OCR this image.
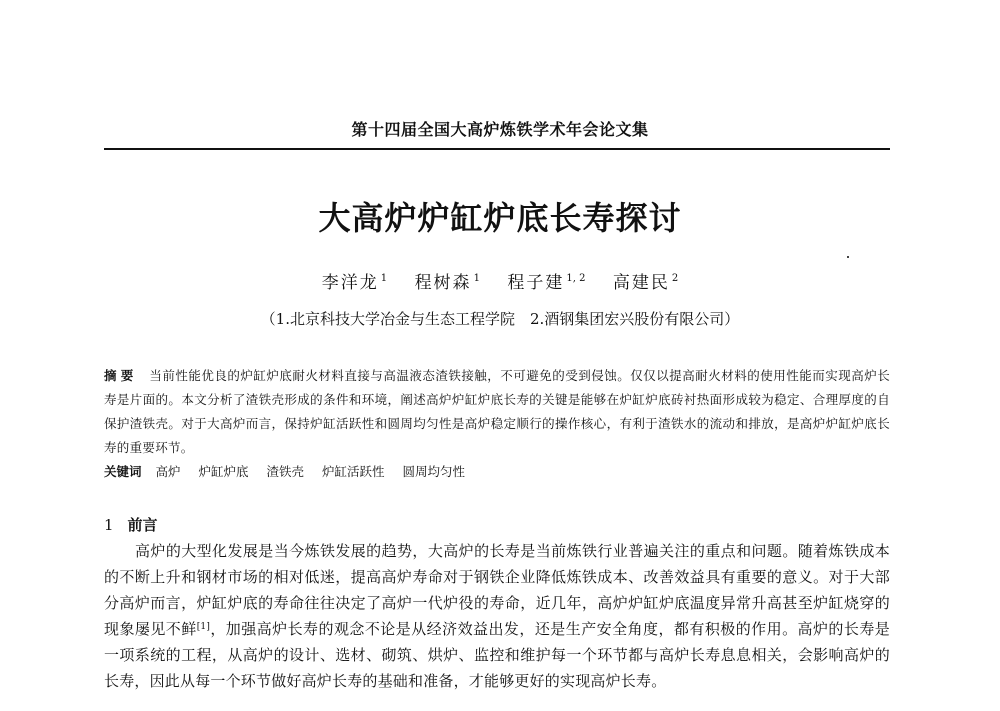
第十四届全国大高炉炼铁学术年会论文集
大高炉炉缸炉底长寿探讨
李洋龙 $^1$ 程树森 $^1$ 程子建 $^{1, 2}$ 高建民 $^2$
（1.北京科技大学冶金与生态工程学院　2.酒钢集团宏兴股份有限公司）
摘要 当前性能优良的炉缸炉底耐火材料直接与高温液态渣铁接触，不可避免的受到侵蚀。仅仅以提高耐火材料的使用性能而实现高炉长寿是片面的。本文分析了渣铁壳形成的条件和环境，阐述高炉炉缸炉底长寿的关键是能够在炉缸炉底砖衬热面形成较为稳定、合理厚度的自保护渣铁壳。对于大高炉而言，保持炉缸活跃性和圆周均匀性是高炉稳定顺行的操作核心，有利于渣铁水的流动和排放，是高炉炉缸炉底长寿的重要环节。
关键词 高炉 炉缸炉底 渣铁壳 炉缸活跃性 圆周均匀性
1 前言
高炉的大型化发展是当今炼铁发展的趋势，大高炉的长寿是当前炼铁行业普遍关注的重点和问题。随着炼铁成本的不断上升和钢材市场的相对低迷，提高高炉寿命对于钢铁企业降低炼铁成本、改善效益具有重要的意义。对于大部分高炉而言，炉缸炉底的寿命往往决定了高炉一代炉役的寿命，近几年，高炉炉缸炉底温度异常升高甚至炉缸烧穿的现象屡见不鲜[1]，加强高炉长寿的观念不论是从经济效益出发，还是生产安全角度，都有积极的作用。高炉的长寿是一项系统的工程，从高炉的设计、选材、砌筑、烘炉、监控和维护每一个环节都与高炉长寿息息相关，会影响高炉的长寿，因此从每一个环节做好高炉长寿的基础和准备，才能够更好的实现高炉长寿。
